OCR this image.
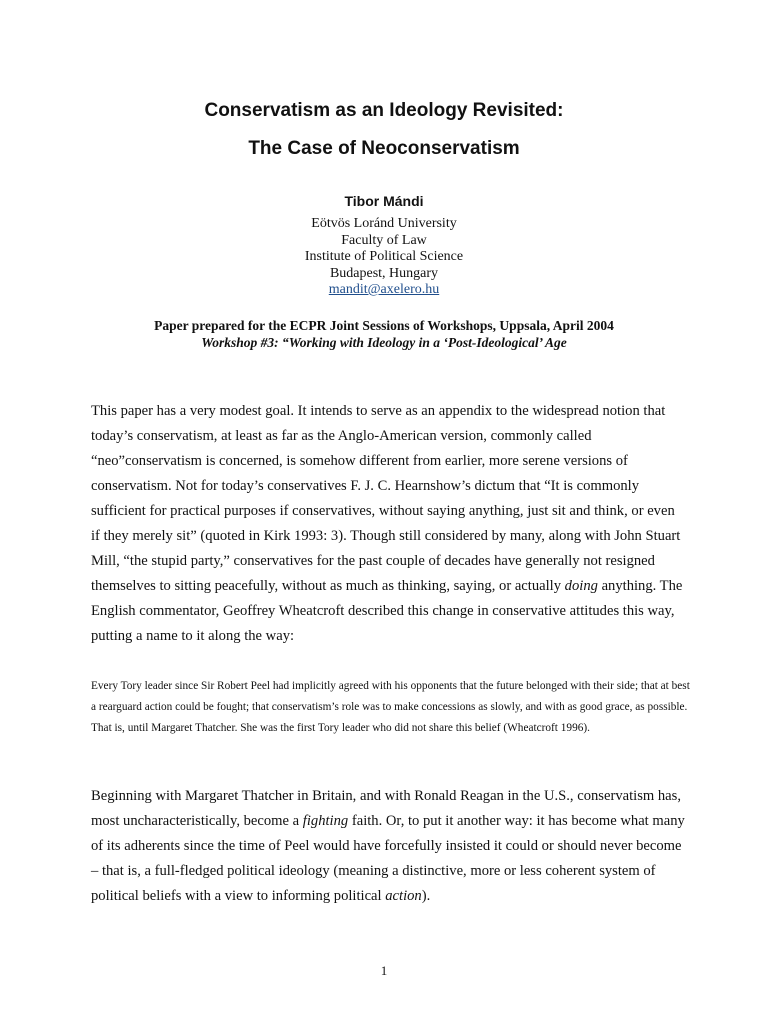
Conservatism as an Ideology Revisited:
The Case of Neoconservatism
Tibor Mándi
Eötvös Loránd University
Faculty of Law
Institute of Political Science
Budapest, Hungary
mandit@axelero.hu
Paper prepared for the ECPR Joint Sessions of Workshops, Uppsala, April 2004
Workshop #3: “Working with Ideology in a ‘Post-Ideological’ Age

This paper has a very modest goal. It intends to serve as an appendix to the widespread notion that today’s conservatism, at least as far as the Anglo-American version, commonly called “neo”conservatism is concerned, is somehow different from earlier, more serene versions of conservatism. Not for today’s conservatives F. J. C. Hearnshow’s dictum that “It is commonly sufficient for practical purposes if conservatives, without saying anything, just sit and think, or even if they merely sit” (quoted in Kirk 1993: 3). Though still considered by many, along with John Stuart Mill, “the stupid party,” conservatives for the past couple of decades have generally not resigned themselves to sitting peacefully, without as much as thinking, saying, or actually doing anything. The English commentator, Geoffrey Wheatcroft described this change in conservative attitudes this way, putting a name to it along the way:

Every Tory leader since Sir Robert Peel had implicitly agreed with his opponents that the future belonged with their side; that at best a rearguard action could be fought; that conservatism’s role was to make concessions as slowly, and with as good grace, as possible. That is, until Margaret Thatcher. She was the first Tory leader who did not share this belief (Wheatcroft 1996).

Beginning with Margaret Thatcher in Britain, and with Ronald Reagan in the U.S., conservatism has, most uncharacteristically, become a fighting faith. Or, to put it another way: it has become what many of its adherents since the time of Peel would have forcefully insisted it could or should never become – that is, a full-fledged political ideology (meaning a distinctive, more or less coherent system of political beliefs with a view to informing political action).

1
